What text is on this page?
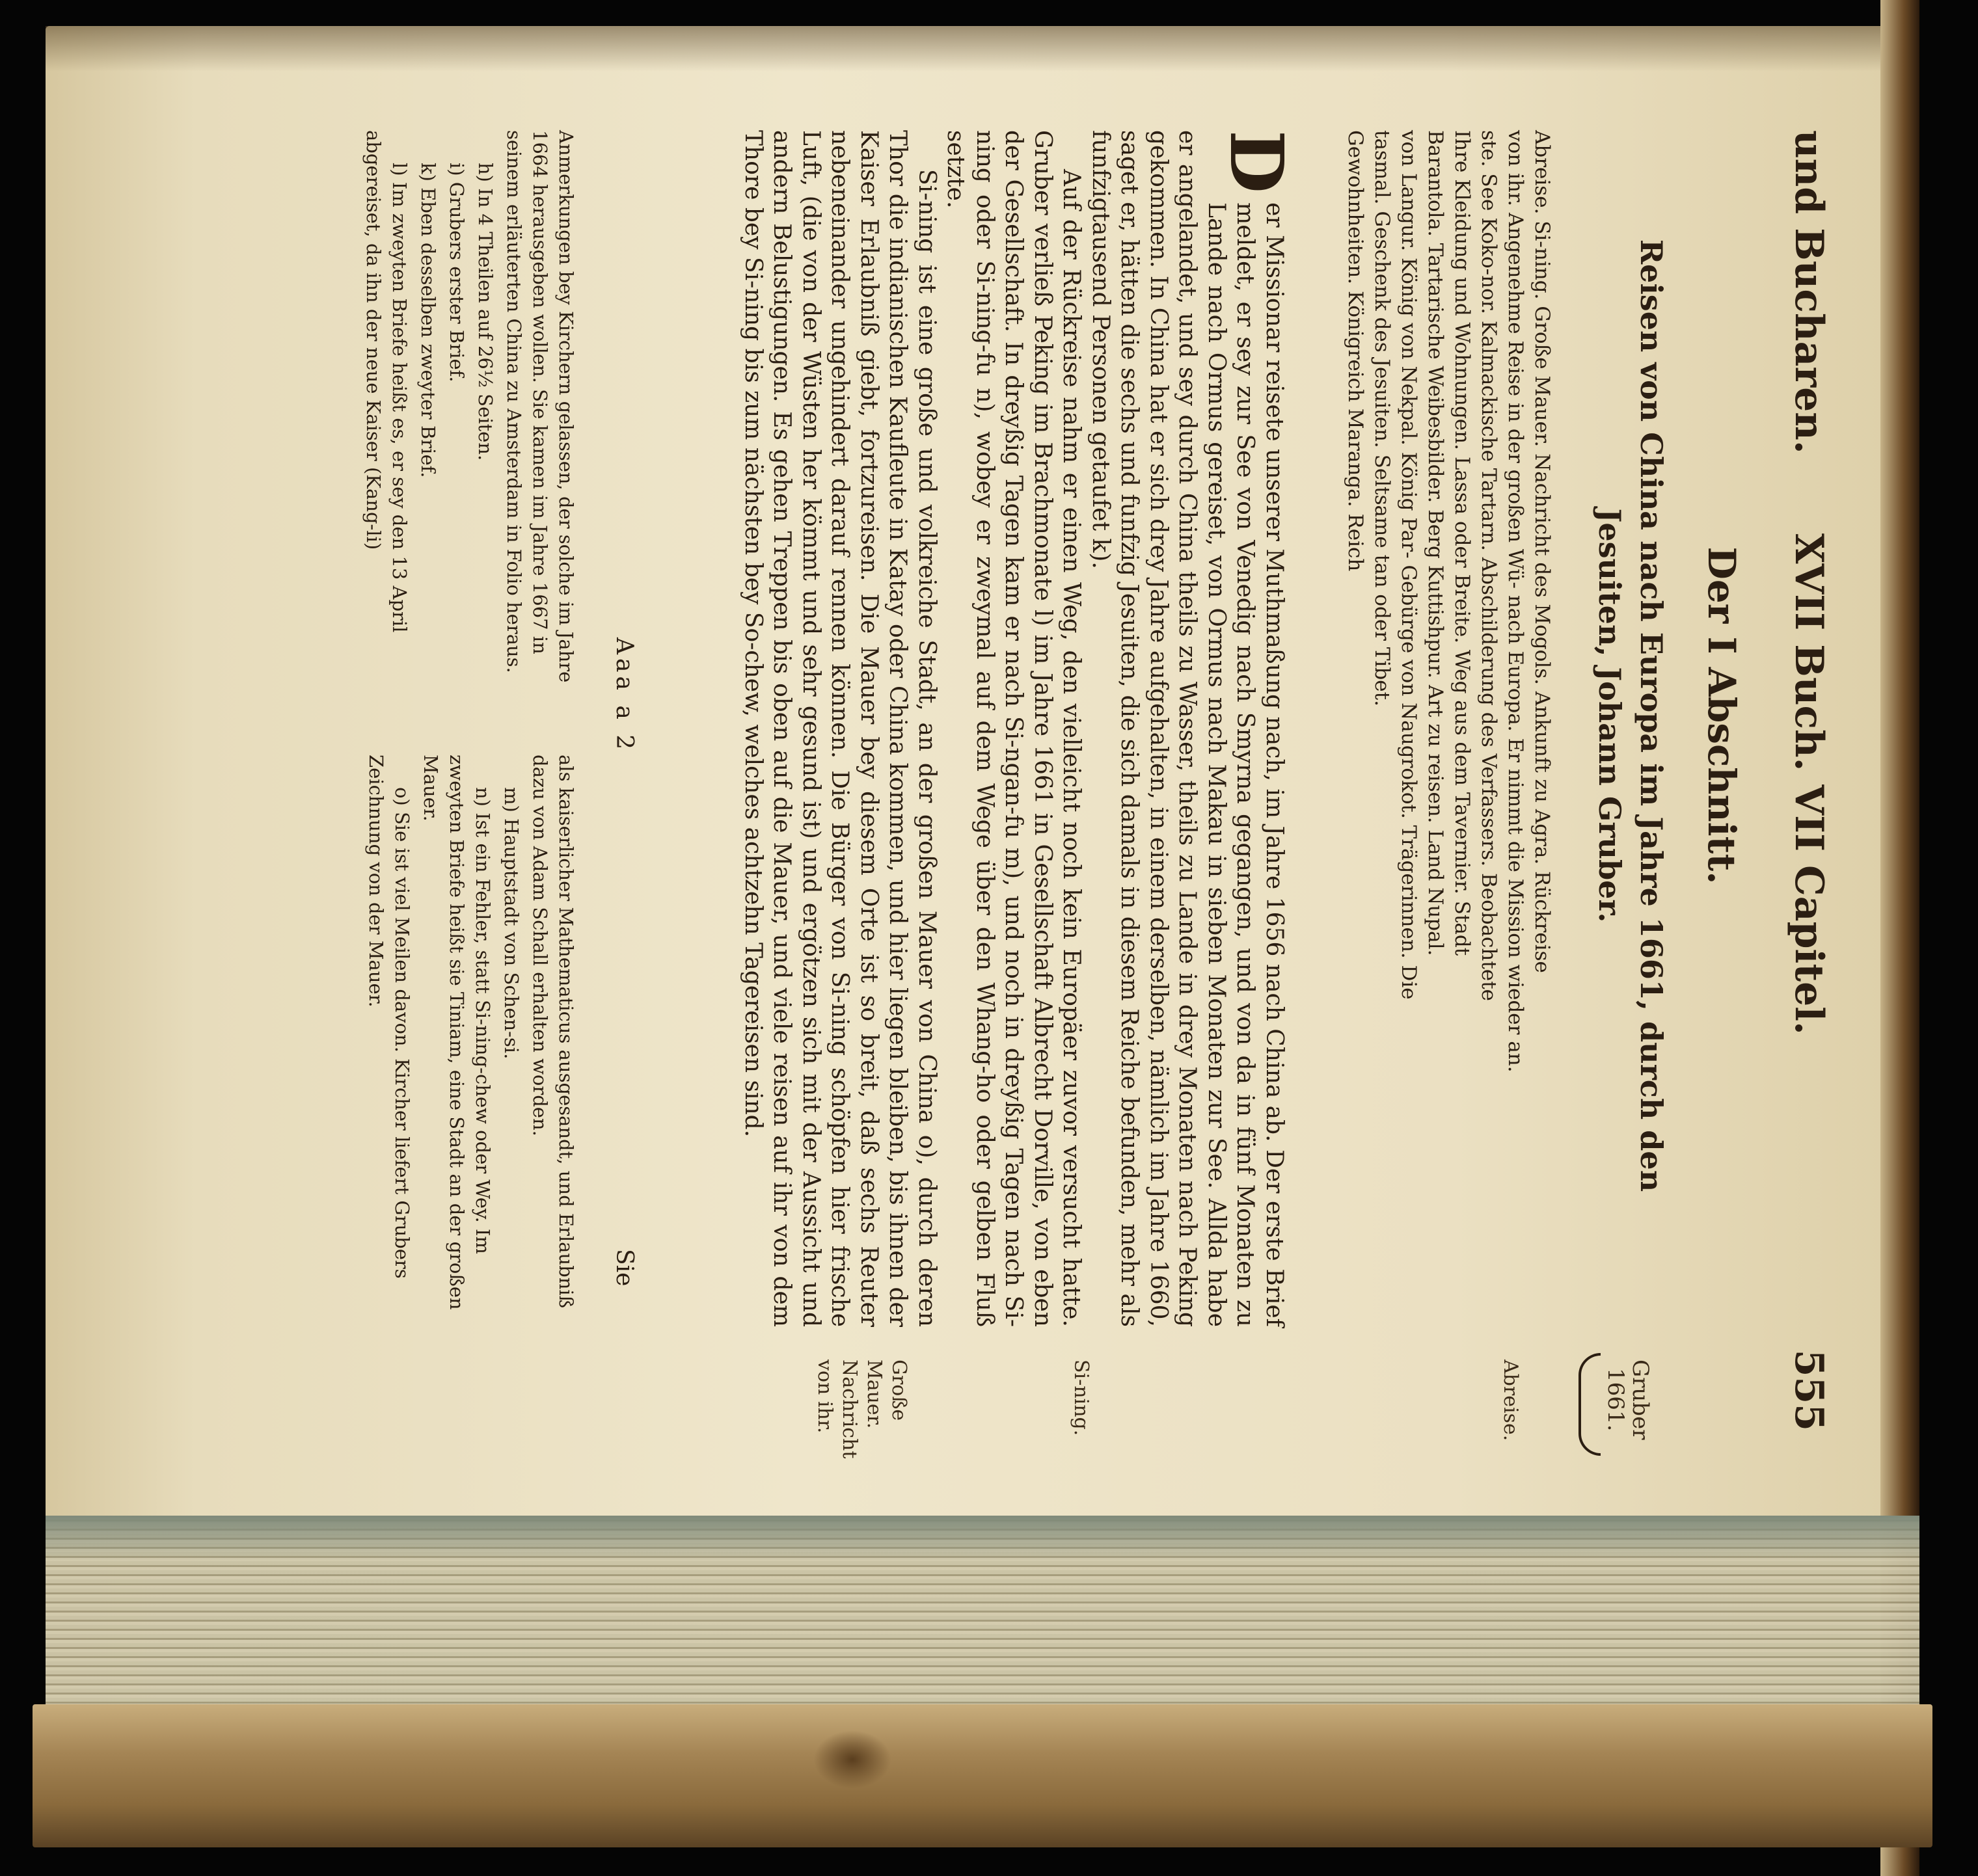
und Bucharen.
XVII Buch. VII Capitel.
555
Der I Abschnitt.
Reisen von China nach Europa im Jahre 1661, durch den
Jesuiten, Johann Gruber.
Gruber
1661.
Abreise.

Abreise. Si-ning. Große Mauer. Nachricht des Mogols. Ankunft zu Agra. Rückreise

von ihr. Angenehme Reise in der großen Wü- nach Europa. Er nimmt die Mission wieder an.

ste. See Koko-nor. Kalmackische Tartarn. Abschilderung des Verfassers. Beobachtete

Ihre Kleidung und Wohnungen. Lassa oder Breite. Weg aus dem Tavernier. Stadt

Barantola. Tartarische Weibesbilder. Berg Kuttishpur. Art zu reisen. Land Nupal.

von Langur. König von Nekpal. König Par- Gebürge von Naugrokot. Trägerinnen. Die

tasmal. Geschenk des Jesuiten. Seltsame tan oder Tibet.

Gewohnheiten. Königreich Maranga. Reich

D
er Missionar reisete unserer Muthmaßung nach, im Jahre 1656 nach China ab. Der erste Brief meldet, er sey zur See von Venedig nach Smyrna gegangen, und von da in fünf Monaten zu Lande nach Ormus gereiset, von Ormus nach Makau in sieben Monaten zur See. Allda habe er angelandet, und sey durch China theils zu Wasser, theils zu Lande in drey Monaten nach Peking gekommen. In China hat er sich drey Jahre aufgehalten, in einem derselben, nämlich im Jahre 1660, saget er, hätten die sechs und funfzig Jesuiten, die sich damals in diesem Reiche befunden, mehr als funfzigtausend Personen getaufet k).

Auf der Rückreise nahm er einen Weg, den vielleicht noch kein Europäer zuvor versucht hatte. Gruber verließ Peking im Brachmonate l) im Jahre 1661 in Gesellschaft Albrecht Dorville, von eben der Gesellschaft. In dreyßig Tagen kam er nach Si-ngan-fu m), und noch in dreyßig Tagen nach Si-ning oder Si-ning-fu n), wobey er zweymal auf dem Wege über den Whang-ho oder gelben Fluß setzte.

Si-ning ist eine große und volkreiche Stadt, an der großen Mauer von China o), durch deren Thor die indianischen Kaufleute in Katay oder China kommen, und hier liegen bleiben, bis ihnen der Kaiser Erlaubniß giebt, fortzureisen. Die Mauer bey diesem Orte ist so breit, daß sechs Reuter nebeneinander ungehindert darauf rennen können. Die Bürger von Si-ning schöpfen hier frische Luft, (die von der Wüsten her kömmt und sehr gesund ist) und ergötzen sich mit der Aussicht und andern Belustigungen. Es gehen Treppen bis oben auf die Mauer, und viele reisen auf ihr von dem Thore bey Si-ning bis zum nächsten bey So-chew, welches achtzehn Tagereisen sind.

Si-ning.
Große
Mauer.
Nachricht
von ihr.
Aaa a 2
Sie

Anmerkungen bey Kirchern gelassen, der solche im Jahre 1664 herausgeben wollen. Sie kamen im Jahre 1667 in seinem erläuterten China zu Amsterdam in Folio heraus.

h) In 4 Theilen auf 26½ Seiten.

i) Grubers erster Brief.

k) Eben desselben zweyter Brief.

l) Im zweyten Briefe heißt es, er sey den 13 April abgereiset, da ihn der neue Kaiser (Kang-li)

als kaiserlicher Mathematicus ausgesandt, und Erlaubniß dazu von Adam Schall erhalten worden.

m) Hauptstadt von Schen-si.

n) Ist ein Fehler, statt Si-ning-chew oder Wey. Im zweyten Briefe heißt sie Tiniam, eine Stadt an der großen Mauer.

o) Sie ist viel Meilen davon. Kircher liefert Grubers Zeichnung von der Mauer.
